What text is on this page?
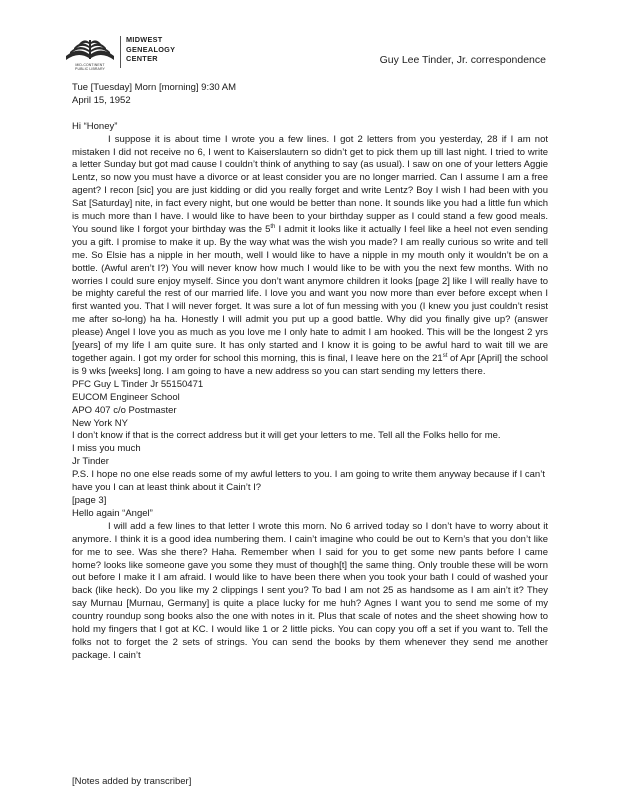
MID-CONTINENT
PUBLIC LIBRARY
MIDWEST
GENEALOGY
CENTER	Guy Lee Tinder, Jr. correspondence

Tue [Tuesday] Morn [morning] 9:30 AM

April 15, 1952

Hi “Honey”

I suppose it is about time I wrote you a few lines. I got 2 letters from you yesterday, 28 if I am not mistaken I did not receive no 6, I went to Kaiserslautern so didn’t get to pick them up till last night. I tried to write a letter Sunday but got mad cause I couldn’t think of anything to say (as usual). I saw on one of your letters Aggie Lentz, so now you must have a divorce or at least consider you are no longer married. Can I assume I am a free agent? I recon [sic] you are just kidding or did you really forget and write Lentz? Boy I wish I had been with you Sat [Saturday] nite, in fact every night, but one would be better than none. It sounds like you had a little fun which is much more than I have. I would like to have been to your birthday supper as I could stand a few good meals. You sound like I forgot your birthday was the 5th I admit it looks like it actually I feel like a heel not even sending you a gift. I promise to make it up. By the way what was the wish you made? I am really curious so write and tell me. So Elsie has a nipple in her mouth, well I would like to have a nipple in my mouth only it wouldn’t be on a bottle. (Awful aren’t I?) You will never know how much I would like to be with you the next few months. With no worries I could sure enjoy myself. Since you don’t want anymore children it looks [page 2] like I will really have to be mighty careful the rest of our married life. I love you and want you now more than ever before except when I first wanted you. That I will never forget. It was sure a lot of fun messing with you (I knew you just couldn’t resist me after so-long) ha ha. Honestly I will admit you put up a good battle. Why did you finally give up? (answer please) Angel I love you as much as you love me I only hate to admit I am hooked. This will be the longest 2 yrs [years] of my life I am quite sure. It has only started and I know it is going to be awful hard to wait till we are together again. I got my order for school this morning, this is final, I leave here on the 21st of Apr [April] the school is 9 wks [weeks] long. I am going to have a new address so you can start sending my letters there.

PFC Guy L Tinder Jr 55150471

EUCOM Engineer School

APO 407 c/o Postmaster

New York NY

I don’t know if that is the correct address but it will get your letters to me. Tell all the Folks hello for me.

I miss you much

Jr Tinder

P.S. I hope no one else reads some of my awful letters to you. I am going to write them anyway because if I can’t have you I can at least think about it Cain’t I?

[page 3]

Hello again “Angel”

I will add a few lines to that letter I wrote this morn. No 6 arrived today so I don’t have to worry about it anymore. I think it is a good idea numbering them. I cain’t imagine who could be out to Kern’s that you don’t like for me to see. Was she there? Haha. Remember when I said for you to get some new pants before I came home? looks like someone gave you some they must of though[t] the same thing. Only trouble these will be worn out before I make it I am afraid. I would like to have been there when you took your bath I could of washed your back (like heck). Do you like my 2 clippings I sent you? To bad I am not 25 as handsome as I am ain’t it? They say Murnau [Murnau, Germany] is quite a place lucky for me huh? Agnes I want you to send me some of my country roundup song books also the one with notes in it. Plus that scale of notes and the sheet showing how to hold my fingers that I got at KC. I would like 1 or 2 little picks. You can copy you off a set if you want to. Tell the folks not to forget the 2 sets of strings. You can send the books by them whenever they send me another package. I cain’t

[Notes added by transcriber]
